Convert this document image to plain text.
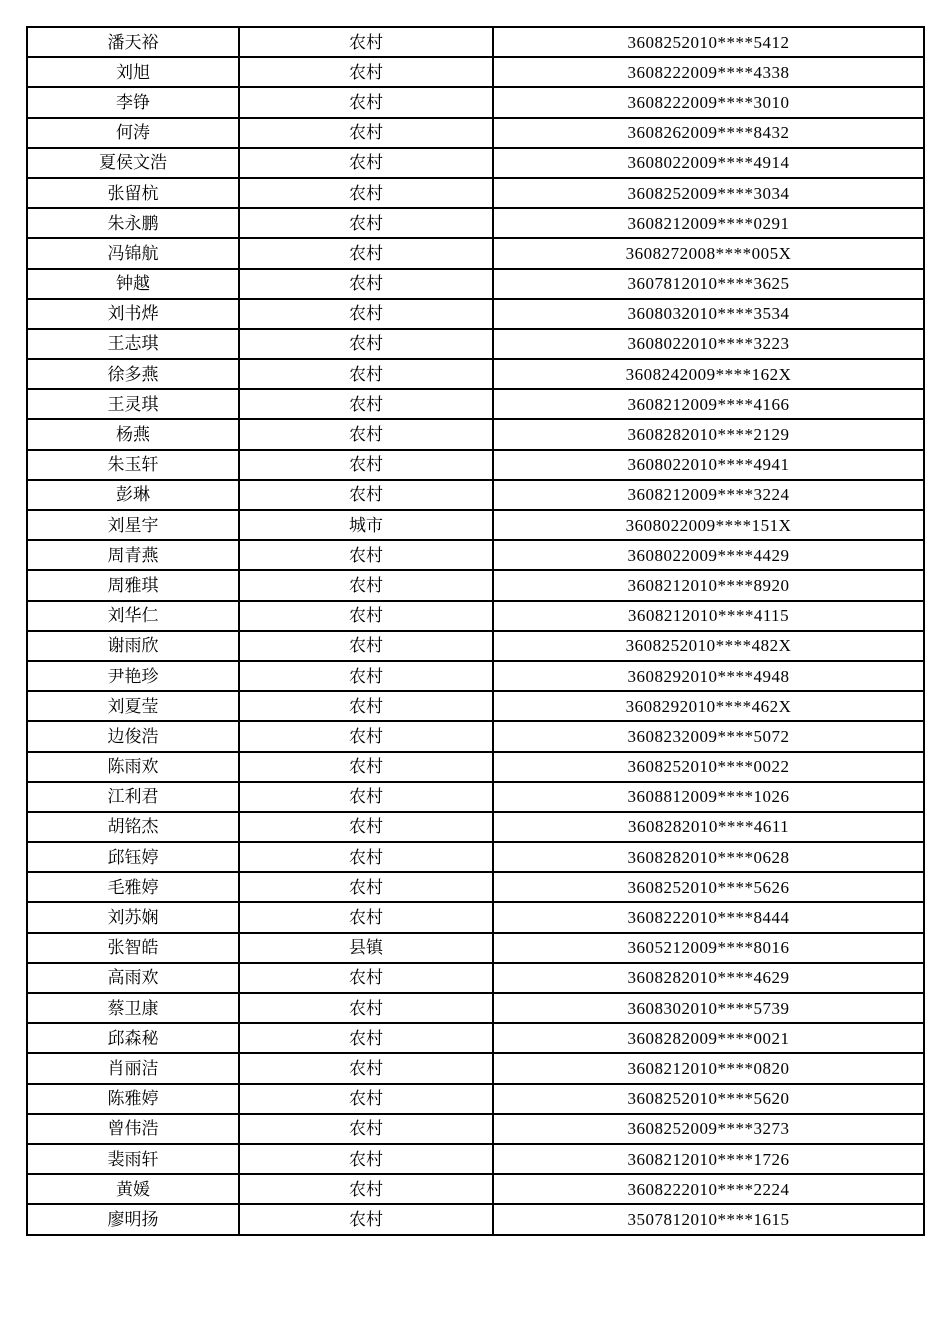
潘天裕	农村	3608252010****5412
刘旭	农村	3608222009****4338
李铮	农村	3608222009****3010
何涛	农村	3608262009****8432
夏侯文浩	农村	3608022009****4914
张留杭	农村	3608252009****3034
朱永鹏	农村	3608212009****0291
冯锦航	农村	3608272008****005X
钟越	农村	3607812010****3625
刘书烨	农村	3608032010****3534
王志琪	农村	3608022010****3223
徐多燕	农村	3608242009****162X
王灵琪	农村	3608212009****4166
杨燕	农村	3608282010****2129
朱玉轩	农村	3608022010****4941
彭琳	农村	3608212009****3224
刘星宇	城市	3608022009****151X
周青燕	农村	3608022009****4429
周雅琪	农村	3608212010****8920
刘华仁	农村	3608212010****4115
谢雨欣	农村	3608252010****482X
尹艳珍	农村	3608292010****4948
刘夏莹	农村	3608292010****462X
边俊浩	农村	3608232009****5072
陈雨欢	农村	3608252010****0022
江利君	农村	3608812009****1026
胡铭杰	农村	3608282010****4611
邱钰婷	农村	3608282010****0628
毛雅婷	农村	3608252010****5626
刘苏娴	农村	3608222010****8444
张智皓	县镇	3605212009****8016
高雨欢	农村	3608282010****4629
蔡卫康	农村	3608302010****5739
邱森秘	农村	3608282009****0021
肖丽洁	农村	3608212010****0820
陈雅婷	农村	3608252010****5620
曾伟浩	农村	3608252009****3273
裴雨轩	农村	3608212010****1726
黄媛	农村	3608222010****2224
廖明扬	农村	3507812010****1615
